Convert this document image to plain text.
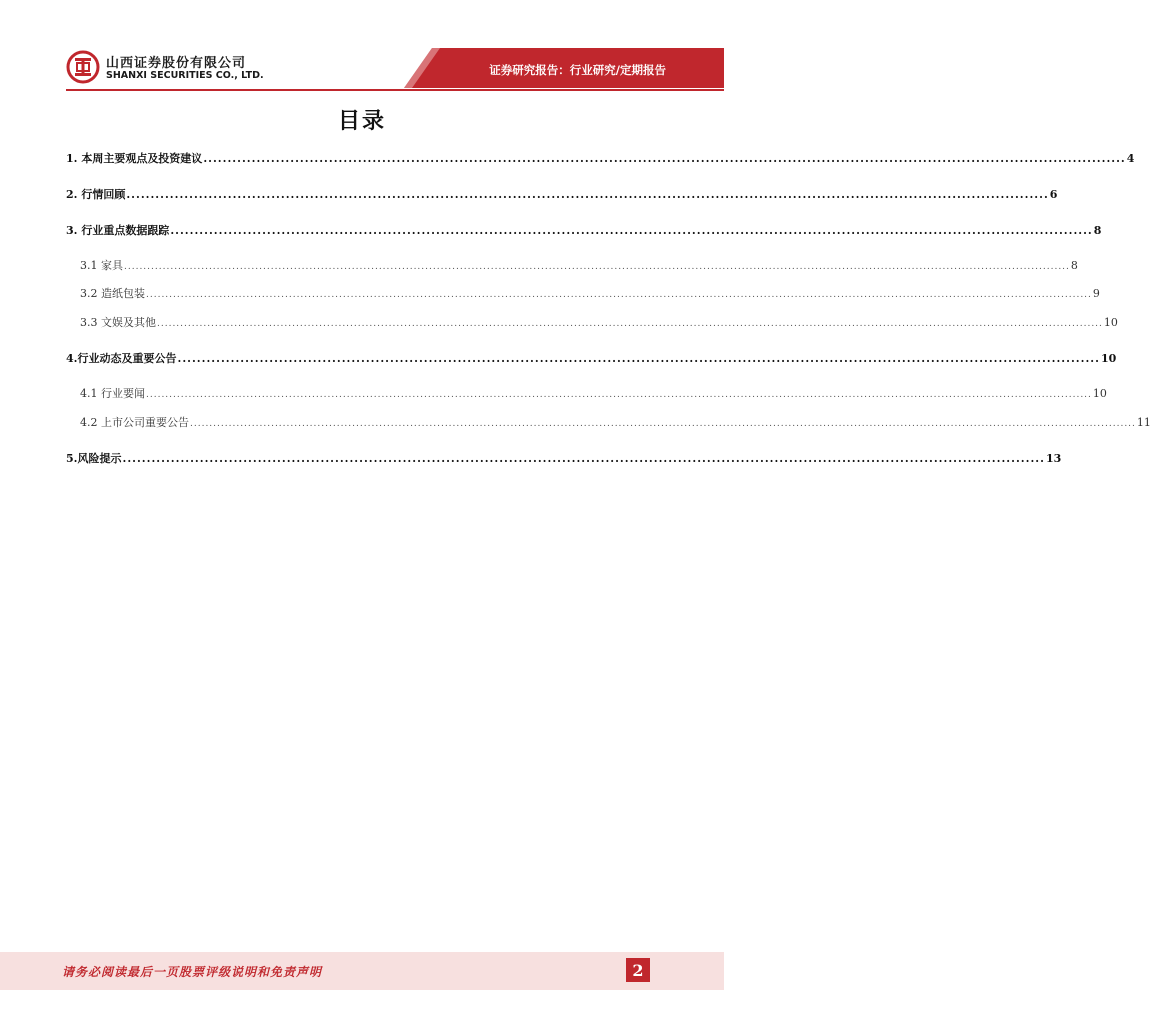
山西证券股份有限公司
SHANXI SECURITIES CO., LTD.	证券研究报告：行业研究/定期报告
目录
1. 本周主要观点及投资建议 ............................................................................................................................................................................................... 4
2. 行情回顾 ............................................................................................................................................................................................... 6
3. 行业重点数据跟踪 ............................................................................................................................................................................................... 8
3.1 家具 ..................................................................................................................................................................................................................................................... 8
3.2 造纸包装 ..................................................................................................................................................................................................................................................... 9
3.3 文娱及其他 ..................................................................................................................................................................................................................................................... 10
4.行业动态及重要公告 ............................................................................................................................................................................................... 10
4.1 行业要闻 ..................................................................................................................................................................................................................................................... 10
4.2 上市公司重要公告 ..................................................................................................................................................................................................................................................... 11
5.风险提示 ............................................................................................................................................................................................... 13
请务必阅读最后一页股票评级说明和免责声明	2
